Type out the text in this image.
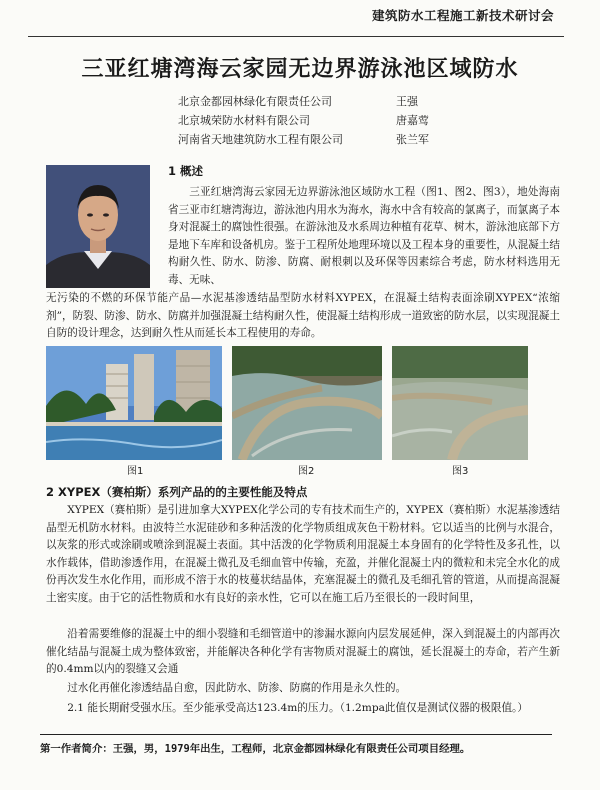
建筑防水工程施工新技术研讨会
三亚红塘湾海云家园无边界游泳池区域防水
北京金都园林绿化有限责任公司	王强
北京城荣防水材料有限公司	唐嘉莺
河南省天地建筑防水工程有限公司	张兰军
1 概述

三亚红塘湾海云家园无边界游泳池区域防水工程（图1、图2、图3），地处海南省三亚市红塘湾海边，游泳池内用水为海水，海水中含有较高的氯离子，而氯离子本身对混凝土的腐蚀性很强。在游泳池及水系周边种植有花草、树木，游泳池底部下方是地下车库和设备机房。鉴于工程所处地理环境以及工程本身的重要性，从混凝土结构耐久性、防水、防渗、防腐、耐根刺以及环保等因素综合考虑，防水材料选用无毒、无味、

无污染的不燃的环保节能产品—水泥基渗透结晶型防水材料XYPEX，在混凝土结构表面涂刷XYPEX“浓缩剂”，防裂、防渗、防水、防腐并加强混凝土结构耐久性，使混凝土结构形成一道致密的防水层，以实现混凝土自防的设计理念，达到耐久性从而延长本工程使用的寿命。

图1	图2	图3
2 XYPEX（赛柏斯）系列产品的的主要性能及特点
XYPEX（赛柏斯）是引进加拿大XYPEX化学公司的专有技术而生产的，XYPEX（赛柏斯）水泥基渗透结晶型无机防水材料。由波特兰水泥硅砂和多种活泼的化学物质组成灰色干粉材料。它以适当的比例与水混合，以灰浆的形式或涂刷或喷涂到混凝土表面。其中活泼的化学物质利用混凝土本身固有的化学特性及多孔性，以水作载体，借助渗透作用，在混凝土微孔及毛细血管中传输，充盈，并催化混凝土内的微粒和未完全水化的成份再次发生水化作用，而形成不溶于水的枝蔓状结晶体，充塞混凝土的微孔及毛细孔管的管道，从而提高混凝土密实度。由于它的活性物质和水有良好的亲水性，它可以在施工后乃至很长的一段时间里，
沿着需要维修的混凝土中的细小裂缝和毛细管道中的渗漏水源向内层发展延伸，深入到混凝土的内部再次催化结晶与混凝土成为整体致密，并能解决各种化学有害物质对混凝土的腐蚀，延长混凝土的寿命，若产生新的0.4mm以内的裂缝又会通
过水化再催化渗透结晶自愈，因此防水、防渗、防腐的作用是永久性的。
2.1 能长期耐受强水压。至少能承受高达123.4m的压力。（1.2mpa此值仅是测试仪器的极限值。）
第一作者简介：王强，男，1979年出生，工程师，北京金都园林绿化有限责任公司项目经理。
